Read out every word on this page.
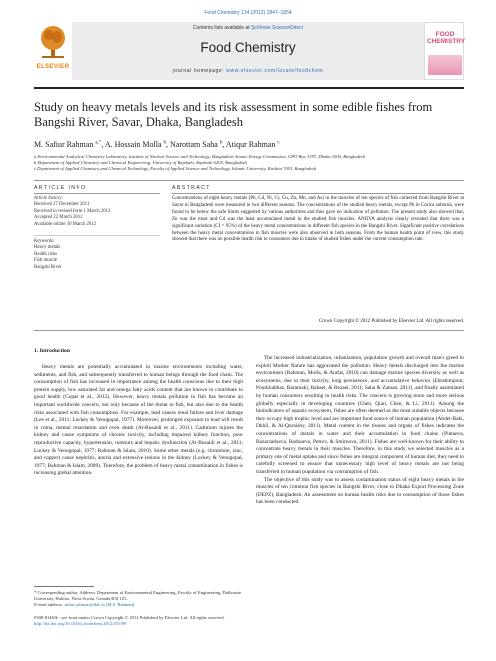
Food Chemistry 134 (2012) 1847–1854
ELSEVIER
Contents lists available at SciVerse ScienceDirect
Food Chemistry
journal homepage: www.elsevier.com/locate/foodchem
FOOD CHEMISTRY
Study on heavy metals levels and its risk assessment in some edible fishes from Bangshi River, Savar, Dhaka, Bangladesh
M. Safiur Rahman $^{a,*}$, A. Hossain Molla $^b$, Narottam Saha $^b$, Atiqur Rahman $^c$
a Environmental Analytical Chemistry Laboratory, Institute of Nuclear Science and Technology, Bangladesh Atomic Energy Commission, GPO Box 3787, Dhaka 1000, Bangladesh
b Department of Applied Chemistry and Chemical Engineering, University of Rajshahi, Rajshahi 6205, Bangladesh
c Department of Applied Chemistry and Chemical Technology, Faculty of Applied Science and Technology, Islamic University, Kushtia 7003, Bangladesh
ARTICLE INFO	ABSTRACT
Article history:
Received 27 December 2011
Received in revised form 1 March 2012
Accepted 22 March 2012
Available online 30 March 2012
Keywords:
Heavy metals
Health risks
Fish muscle
Bangshi River
Concentrations of eight heavy metals (Pb, Cd, Ni, Cr, Cu, Zn, Mn, and As) in the muscles of ten species of fish collected from Bangshi River at Savar in Bangladesh were measured in two different seasons. The concentrations of the studied heavy metals, except Pb in Corica soborna, were found to be below the safe limits suggested by various authorities and thus gave no indication of pollution. The present study also showed that, Zn was the most and Cd was the least accumulated metal in the studied fish muscles. ANOVA analysis clearly revealed that there was a significant variation (CI = 95%) of the heavy metal concentrations in different fish species in the Bangshi River. Significant positive correlations between the heavy metal concentrations in fish muscles were also observed in both seasons. From the human health point of view, this study showed that there was no possible health risk to consumers due to intake of studied fishes under the current consumption rate.
Crown Copyright © 2012 Published by Elsevier Ltd. All rights reserved.
1. Introduction

Heavy metals are potentially accumulated in marine environments including water, sediments, and fish, and subsequently transferred to human beings through the food chain. The consumption of fish has increased in importance among the health conscious due to their high protein supply, low saturated fat and omega fatty acids content that are known to contribute to good health (Copat et al., 2012). However, heavy metals pollution in fish has become an important worldwide concern, not only because of the threat to fish, but also due to the health risks associated with fish consumption. For example, lead causes renal failure and liver damage (Lee et al., 2011; Luckey & Venugopal, 1977). Moreover, prolonged exposure to lead will result in coma, mental retardation and even death (Al-Busaidi et al., 2011). Cadmium injures the kidney and cause symptoms of chronic toxicity, including impaired kidney function, poor reproductive capacity, hypertension, tumours and hepatic dysfunction (Al-Busaidi et al., 2011; Luckey & Venugopal, 1977; Rahman & Islam, 2010). Some other metals (e.g. chromium, zinc, and copper) cause nephritis, anuria and extensive lesions in the kidney (Luckey & Venugopal, 1977; Rahman & Islam, 2009). Therefore, the problem of heavy metal contamination in fishes is increasing global attention.

The increased industrialization, urbanization, population growth and overall man's greed to exploit Mother Nature has aggravated the pollution. Heavy metals discharged into the marine environment (Rahman, Molla, & Arafat, 2010) can damage marine species diversity as well as ecosystems, due to their toxicity, long persistence, and accumulative behavior (Ebrahimpour, Pourkhabbaz, Baramaki, Babaei, & Rezaei, 2011; Saha & Zaman, 2011), and finally assimilated by human consumers resulting in health risks. The concern is growing more and more serious globally especially in developing countries (Chen, Qian, Chen, & Li, 2011). Among the bioindicators of aquatic ecosystem, fishes are often deemed as the most suitable objects because they occupy high trophic level and are important food source of human population (Abdel-Baki, Dkhil, & Al-Quraishy, 2011). Metal content in the tissues and organs of fishes indicates the concentrations of metals in water and their accumulation in food chains (Pintaeva, Bazarsadueva, Radnaeva, Petrov, & Smirnova, 2011). Fishes are well-known for their ability to concentrate heavy metals in their muscles. Therefore, in this study we selected muscles as a primary site of metal uptake and since fishes are integral component of human diet, they need to carefully screened to ensure that unnecessary high level of heavy metals are not being transferred to human population via consumption of fish.

The objective of this study was to assess contamination status of eight heavy metals in the muscles of ten common fish species in Bangshi River, close to Dhaka Export Processing Zone (DEPZ), Bangladesh. An assessment on human health risks due to consumption of those fishes has been conducted.

* Corresponding author. Address: Department of Environmental Engineering, Faculty of Engineering, Dalhousie University, Halifax, Nova Scotia, Canada B3J 1Z1.
E-mail address: safiur.rahman@dal.ca (M.S. Rahman).
0308-8146/$ - see front matter Crown Copyright © 2012 Published by Elsevier Ltd. All rights reserved.
http://dx.doi.org/10.1016/j.foodchem.2012.03.099
